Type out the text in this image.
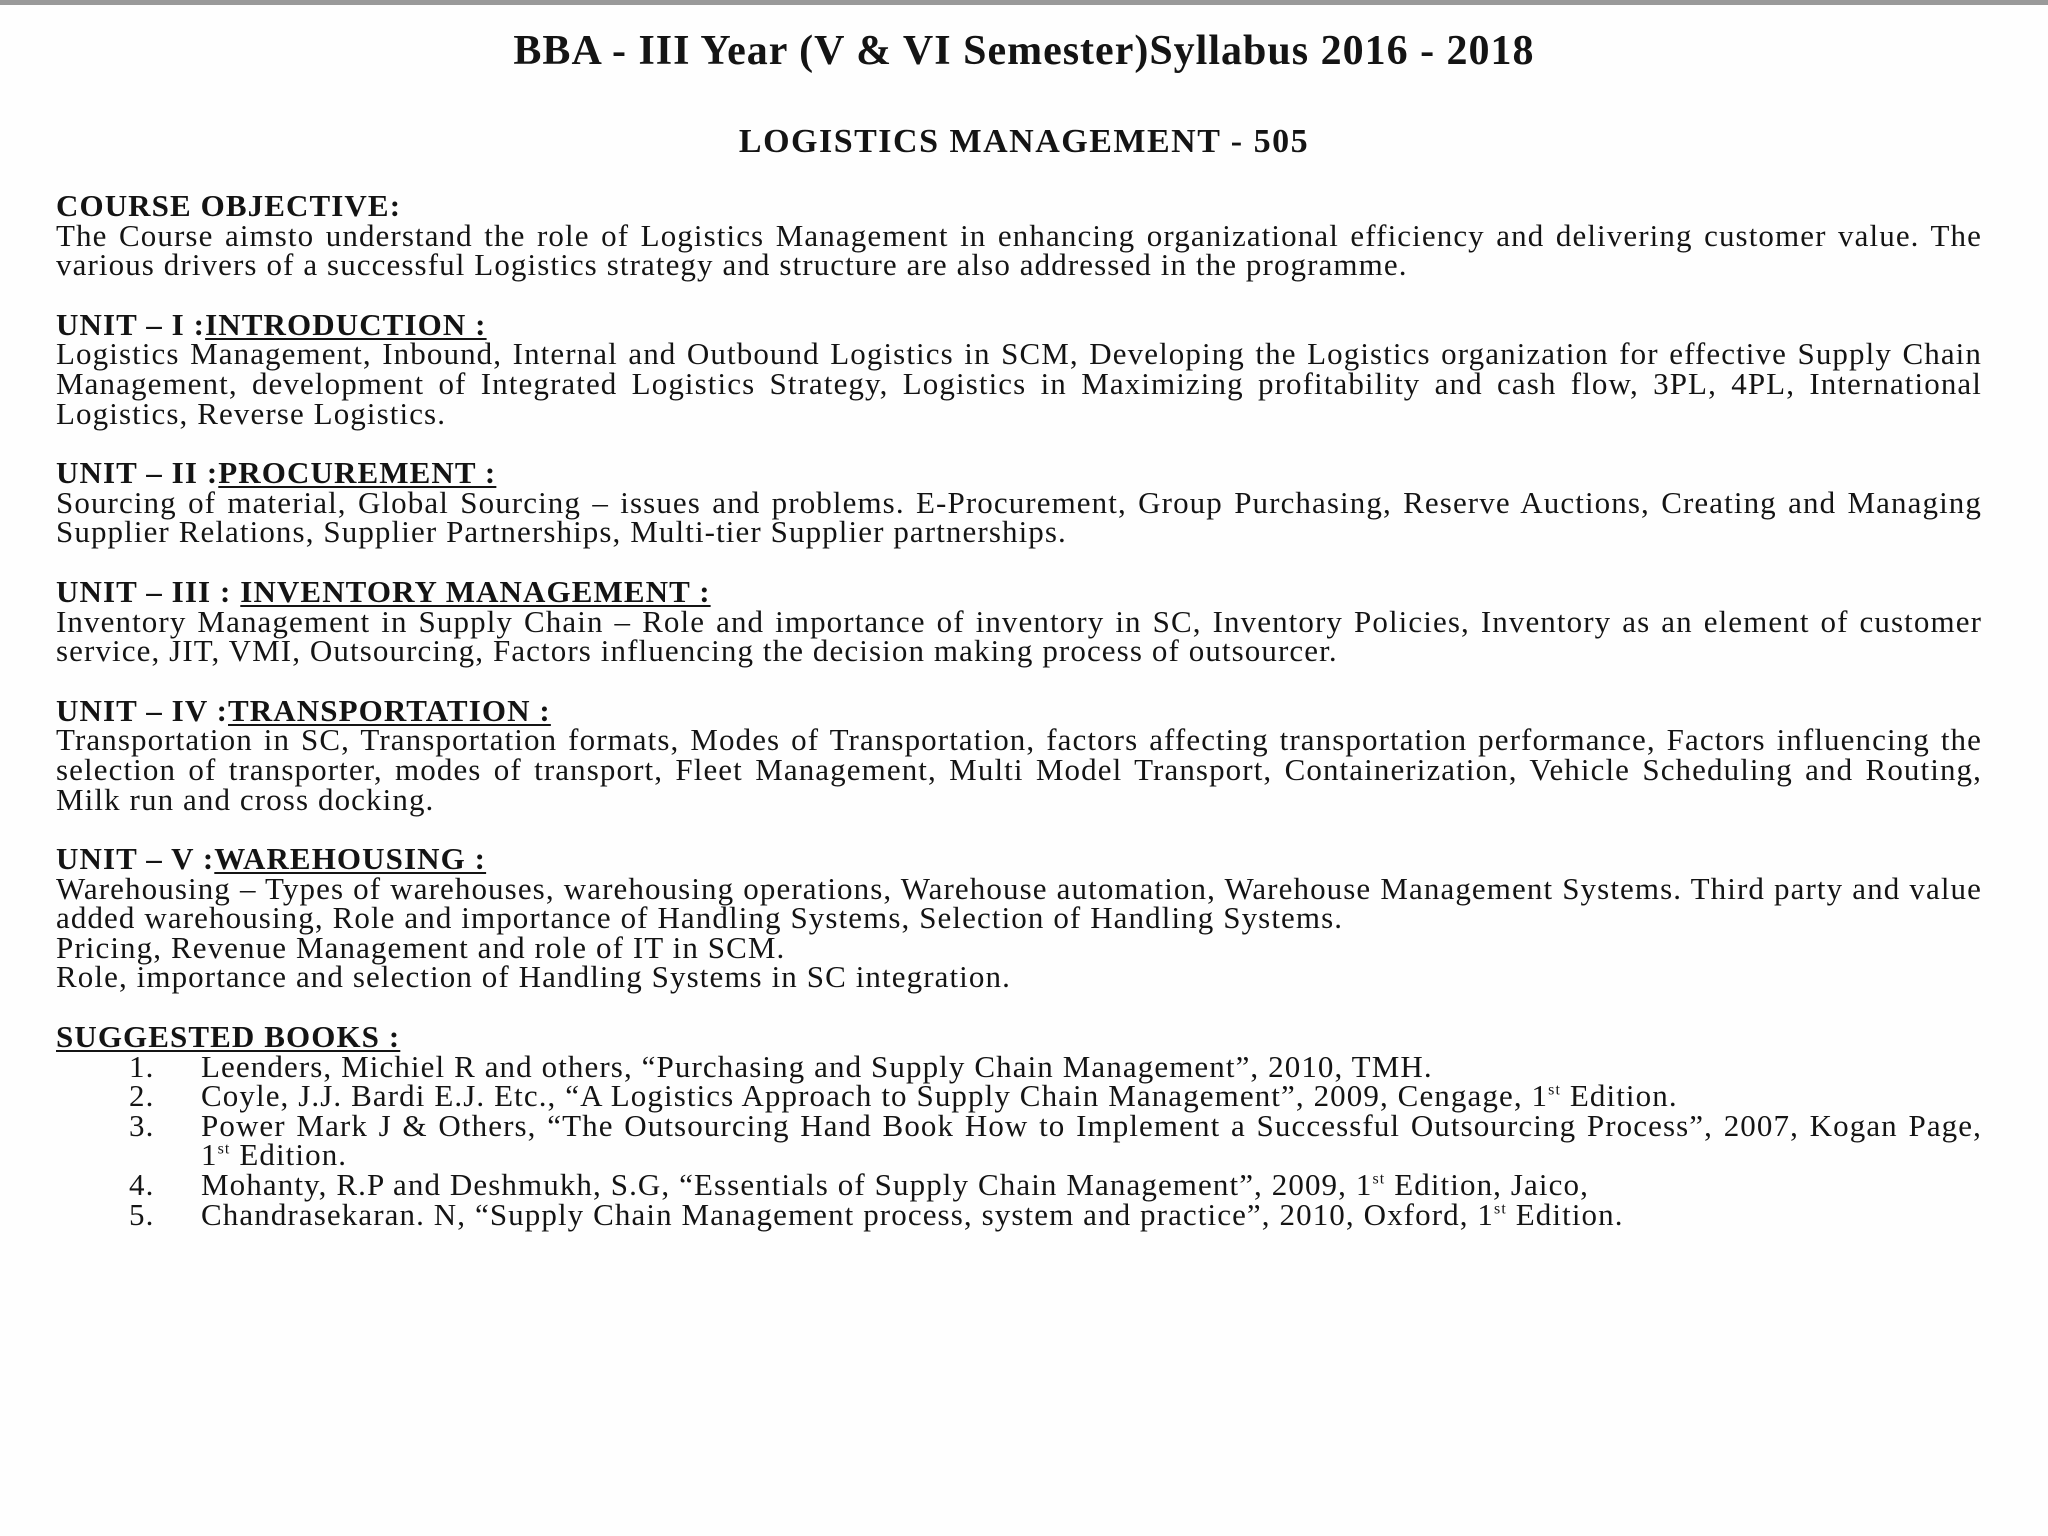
BBA - III Year (V & VI Semester)Syllabus 2016 - 2018
LOGISTICS MANAGEMENT - 505
COURSE OBJECTIVE:

The Course aimsto understand the role of Logistics Management in enhancing organizational efficiency and delivering customer value. The various drivers of a successful Logistics strategy and structure are also addressed in the programme.

UNIT – I :INTRODUCTION :

Logistics Management, Inbound, Internal and Outbound Logistics in SCM, Developing the Logistics organization for effective Supply Chain Management, development of Integrated Logistics Strategy, Logistics in Maximizing profitability and cash flow, 3PL, 4PL, International Logistics, Reverse Logistics.

UNIT – II :PROCUREMENT :

Sourcing of material, Global Sourcing – issues and problems. E-Procurement, Group Purchasing, Reserve Auctions, Creating and Managing Supplier Relations, Supplier Partnerships, Multi-tier Supplier partnerships.

UNIT – III : INVENTORY MANAGEMENT :

Inventory Management in Supply Chain – Role and importance of inventory in SC, Inventory Policies, Inventory as an element of customer service, JIT, VMI, Outsourcing, Factors influencing the decision making process of outsourcer.

UNIT – IV :TRANSPORTATION :

Transportation in SC, Transportation formats, Modes of Transportation, factors affecting transportation performance, Factors influencing the selection of transporter, modes of transport, Fleet Management, Multi Model Transport, Containerization, Vehicle Scheduling and Routing, Milk run and cross docking.

UNIT – V :WAREHOUSING :

Warehousing – Types of warehouses, warehousing operations, Warehouse automation, Warehouse Management Systems. Third party and value added warehousing, Role and importance of Handling Systems, Selection of Handling Systems.

Pricing, Revenue Management and role of IT in SCM.
Role, importance and selection of Handling Systems in SC integration.
SUGGESTED BOOKS :
1.	Leenders, Michiel R and others, “Purchasing and Supply Chain Management”, 2010, TMH.
2.	Coyle, J.J. Bardi E.J. Etc., “A Logistics Approach to Supply Chain Management”, 2009, Cengage, 1st Edition.
3.	Power Mark J & Others, “The Outsourcing Hand Book How to Implement a Successful Outsourcing Process”, 2007, Kogan Page, 1st Edition.
4.	Mohanty, R.P and Deshmukh, S.G, “Essentials of Supply Chain Management”, 2009, 1st Edition, Jaico,
5.	Chandrasekaran. N, “Supply Chain Management process, system and practice”, 2010, Oxford, 1st Edition.
